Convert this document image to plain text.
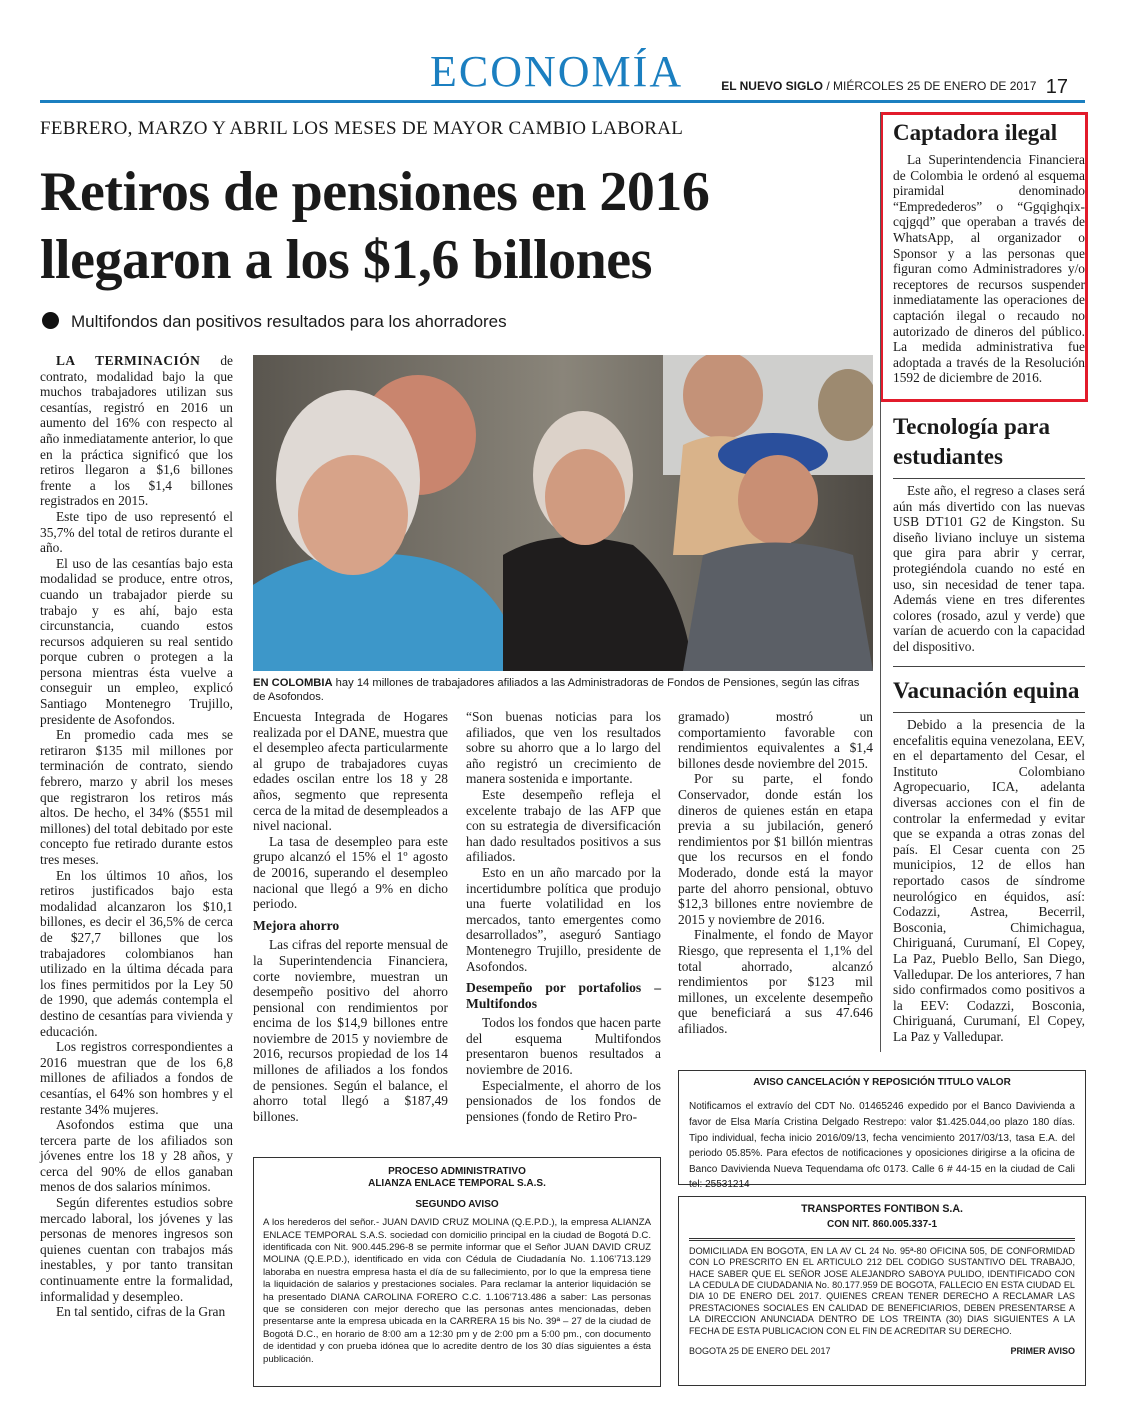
ECONOMÍA	EL NUEVO SIGLO / MIÉRCOLES 25 DE ENERO DE 2017 17
FEBRERO, MARZO Y ABRIL LOS MESES DE MAYOR CAMBIO LABORAL
Retiros de pensiones en 2016
llegaron a los $1,6 billones
Multifondos dan positivos resultados para los ahorradores

LA TERMINACIÓN de contrato, modalidad bajo la que muchos trabajadores utilizan sus cesantías, registró en 2016 un aumento del 16% con respecto al año inmediatamente anterior, lo que en la práctica significó que los retiros llegaron a $1,6 billones frente a los $1,4 billones registrados en 2015.

Este tipo de uso representó el 35,7% del total de retiros durante el año.

El uso de las cesantías bajo esta modalidad se produce, entre otros, cuando un trabajador pierde su trabajo y es ahí, bajo esta circunstancia, cuando estos recursos adquieren su real sentido porque cubren o protegen a la persona mientras ésta vuelve a conseguir un empleo, explicó Santiago Montenegro Trujillo, presidente de Asofondos.

En promedio cada mes se retiraron $135 mil millones por terminación de contrato, siendo febrero, marzo y abril los meses que registraron los retiros más altos. De hecho, el 34% ($551 mil millones) del total debitado por este concepto fue retirado durante estos tres meses.

En los últimos 10 años, los retiros justificados bajo esta modalidad alcanzaron los $10,1 billones, es decir el 36,5% de cerca de $27,7 billones que los trabajadores colombianos han utilizado en la última década para los fines permitidos por la Ley 50 de 1990, que además contempla el destino de cesantías para vivienda y educación.

Los registros correspondientes a 2016 muestran que de los 6,8 millones de afiliados a fondos de cesantías, el 64% son hombres y el restante 34% mujeres.

Asofondos estima que una tercera parte de los afiliados son jóvenes entre los 18 y 28 años, y cerca del 90% de ellos ganaban menos de dos salarios mínimos.

Según diferentes estudios sobre mercado laboral, los jóvenes y las personas de menores ingresos son quienes cuentan con trabajos más inestables, y por tanto transitan continuamente entre la formalidad, informalidad y desempleo.

En tal sentido, cifras de la Gran

EN COLOMBIA hay 14 millones de trabajadores afiliados a las Administradoras de Fondos de Pensiones, según las cifras de Asofondos.

Encuesta Integrada de Hogares realizada por el DANE, muestra que el desempleo afecta particularmente al grupo de trabajadores cuyas edades oscilan entre los 18 y 28 años, segmento que representa cerca de la mitad de desempleados a nivel nacional.

La tasa de desempleo para este grupo alcanzó el 15% el 1º agosto de 20016, superando el desempleo nacional que llegó a 9% en dicho periodo.

Mejora ahorro

Las cifras del reporte mensual de la Superintendencia Financiera, corte noviembre, muestran un desempeño positivo del ahorro pensional con rendimientos por encima de los $14,9 billones entre noviembre de 2015 y noviembre de 2016, recursos propiedad de los 14 millones de afiliados a los fondos de pensiones. Según el balance, el ahorro total llegó a $187,49 billones.

“Son buenas noticias para los afiliados, que ven los resultados sobre su ahorro que a lo largo del año registró un crecimiento de manera sostenida e importante.

Este desempeño refleja el excelente trabajo de las AFP que con su estrategia de diversificación han dado resultados positivos a sus afiliados.

Esto en un año marcado por la incertidumbre política que produjo una fuerte volatilidad en los mercados, tanto emergentes como desarrollados”, aseguró Santiago Montenegro Trujillo, presidente de Asofondos.

Desempeño por portafolios – Multifondos

Todos los fondos que hacen parte del esquema Multifondos presentaron buenos resultados a noviembre de 2016.

Especialmente, el ahorro de los pensionados de los fondos de pensiones (fondo de Retiro Pro-

gramado) mostró un comportamiento favorable con rendimientos equivalentes a $1,4 billones desde noviembre del 2015.

Por su parte, el fondo Conservador, donde están los dineros de quienes están en etapa previa a su jubilación, generó rendimientos por $1 billón mientras que los recursos en el fondo Moderado, donde está la mayor parte del ahorro pensional, obtuvo $12,3 billones entre noviembre de 2015 y noviembre de 2016.

Finalmente, el fondo de Mayor Riesgo, que representa el 1,1% del total ahorrado, alcanzó rendimientos por $123 mil millones, un excelente desempeño que beneficiará a sus 47.646 afiliados.

Captadora ilegal

La Superintendencia Financiera de Colombia le ordenó al esquema piramidal denominado “Empredederos” o “Ggqighqix-cqjgqd” que operaban a través de WhatsApp, al organizador o Sponsor y a las personas que figuran como Administradores y/o receptores de recursos suspender inmediatamente las operaciones de captación ilegal o recaudo no autorizado de dineros del público. La medida administrativa fue adoptada a través de la Resolución 1592 de diciembre de 2016.

Tecnología para estudiantes

Este año, el regreso a clases será aún más divertido con las nuevas USB DT101 G2 de Kingston. Su diseño liviano incluye un sistema que gira para abrir y cerrar, protegiéndola cuando no esté en uso, sin necesidad de tener tapa. Además viene en tres diferentes colores (rosado, azul y verde) que varían de acuerdo con la capacidad del dispositivo.

Vacunación equina

Debido a la presencia de la encefalitis equina venezolana, EEV, en el departamento del Cesar, el Instituto Colombiano Agropecuario, ICA, adelanta diversas acciones con el fin de controlar la enfermedad y evitar que se expanda a otras zonas del país. El Cesar cuenta con 25 municipios, 12 de ellos han reportado casos de síndrome neurológico en équidos, así: Codazzi, Astrea, Becerril, Bosconia, Chimichagua, Chiriguaná, Curumaní, El Copey, La Paz, Pueblo Bello, San Diego, Valledupar. De los anteriores, 7 han sido confirmados como positivos a la EEV: Codazzi, Bosconia, Chiriguaná, Curumaní, El Copey, La Paz y Valledupar.

PROCESO ADMINISTRATIVO
ALIANZA ENLACE TEMPORAL S.A.S.
SEGUNDO AVISO

A los herederos del señor.- JUAN DAVID CRUZ MOLINA (Q.E.P.D.), la empresa ALIANZA ENLACE TEMPORAL S.A.S. sociedad con domicilio principal en la ciudad de Bogotá D.C. identificada con Nit. 900.445.296-8 se permite informar que el Señor JUAN DAVID CRUZ MOLINA (Q.E.P.D.), identificado en vida con Cédula de Ciudadanía No. 1.106’713.129 laboraba en nuestra empresa hasta el día de su fallecimiento, por lo que la empresa tiene la liquidación de salarios y prestaciones sociales. Para reclamar la anterior liquidación se ha presentado DIANA CAROLINA FORERO C.C. 1.106’713.486 a saber: Las personas que se consideren con mejor derecho que las personas antes mencionadas, deben presentarse ante la empresa ubicada en la CARRERA 15 bis No. 39ª – 27 de la ciudad de Bogotá D.C., en horario de 8:00 am a 12:30 pm y de 2:00 pm a 5:00 pm., con documento de identidad y con prueba idónea que lo acredite dentro de los 30 días siguientes a ésta publicación.

AVISO CANCELACIÓN Y REPOSICIÓN TITULO VALOR

Notificamos el extravío del CDT No. 01465246 expedido por el Banco Davivienda a favor de Elsa María Cristina Delgado Restrepo: valor $1.425.044,oo plazo 180 días. Tipo individual, fecha inicio 2016/09/13, fecha vencimiento 2017/03/13, tasa E.A. del periodo 05.85%. Para efectos de notificaciones y oposiciones dirigirse a la oficina de Banco Davivienda Nueva Tequendama ofc 0173. Calle 6 # 44-15 en la ciudad de Cali tel: 25531214

TRANSPORTES FONTIBON S.A.
CON NIT. 860.005.337-1

DOMICILIADA EN BOGOTA, EN LA AV CL 24 No. 95ª-80 OFICINA 505, DE CONFORMIDAD CON LO PRESCRITO EN EL ARTICULO 212 DEL CODIGO SUSTANTIVO DEL TRABAJO, HACE SABER QUE EL SEÑOR JOSE ALEJANDRO SABOYA PULIDO, IDENTIFICADO CON LA CEDULA DE CIUDADANIA No. 80.177.959 DE BOGOTA, FALLECIO EN ESTA CIUDAD EL DIA 10 DE ENERO DEL 2017. QUIENES CREAN TENER DERECHO A RECLAMAR LAS PRESTACIONES SOCIALES EN CALIDAD DE BENEFICIARIOS, DEBEN PRESENTARSE A LA DIRECCION ANUNCIADA DENTRO DE LOS TREINTA (30) DIAS SIGUIENTES A LA FECHA DE ESTA PUBLICACION CON EL FIN DE ACREDITAR SU DERECHO.

BOGOTA 25 DE ENERO DEL 2017	PRIMER AVISO
